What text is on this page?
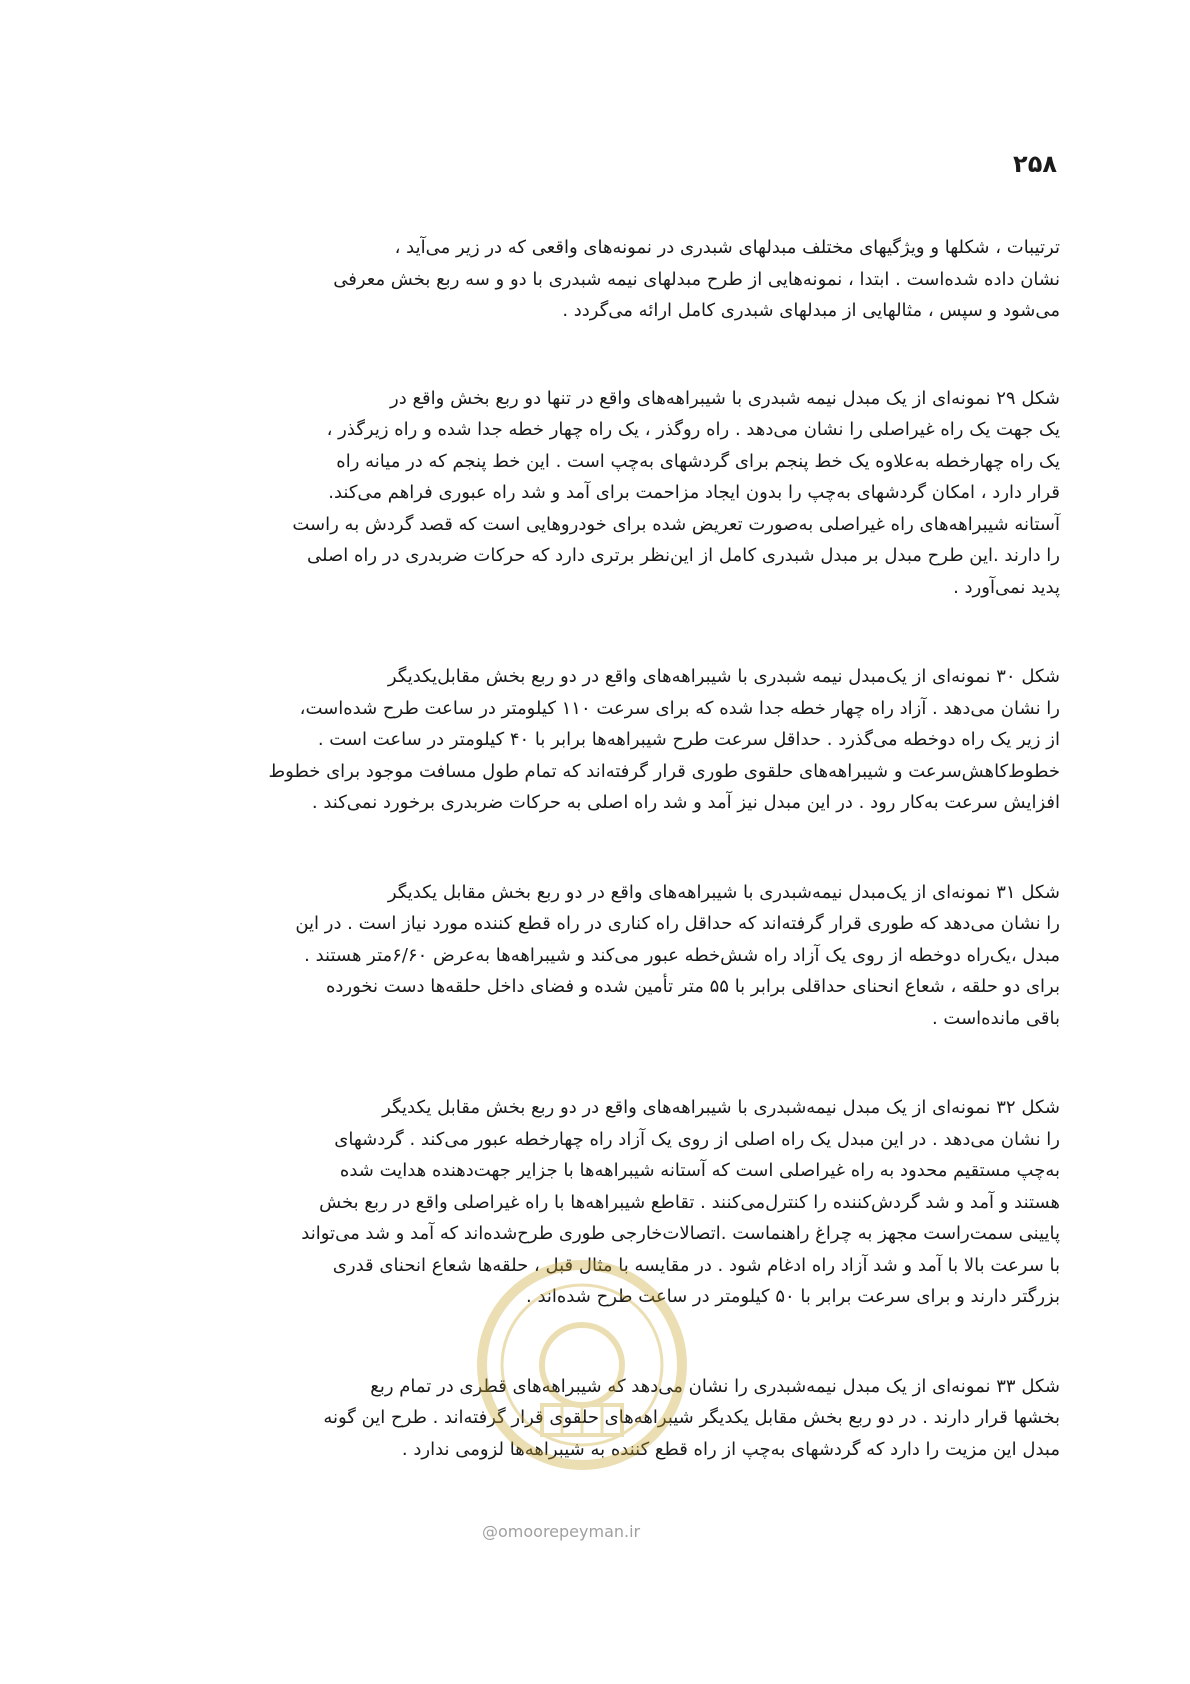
۲۵۸

ترتیبات ، شکلها و ویژگیهای مختلف مبدلهای شبدری در نمونه‌های واقعی که در زیر می‌آید ،
نشان داده شده‌است . ابتدا ، نمونه‌هایی از طرح مبدلهای نیمه شبدری با دو و سه ربع بخش معرفی
می‌شود و سپس ، مثالهایی از مبدلهای شبدری کامل ارائه می‌گردد .

شکل ۲۹ نمونه‌ای از یک مبدل نیمه شبدری با شیبراهه‌های واقع در تنها دو ربع بخش واقع در
یک جهت یک راه غیراصلی را نشان می‌دهد . راه روگذر ، یک راه چهار خطه جدا شده و راه زیرگذر ،
یک راه چهارخطه به‌علاوه یک خط پنجم برای گردشهای به‌چپ است . این خط پنجم که در میانه راه
قرار دارد ، امکان گردشهای به‌چپ را بدون ایجاد مزاحمت برای آمد و شد راه عبوری فراهم می‌کند.
آستانه شیبراهه‌های راه غیراصلی به‌صورت تعریض شده برای خودروهایی است که قصد گردش به راست
را دارند .این طرح مبدل بر مبدل شبدری کامل از این‌نظر برتری دارد که حرکات ضربدری در راه اصلی
پدید نمی‌آورد .

شکل ۳۰ نمونه‌ای از یک‌مبدل نیمه شبدری با شیبراهه‌های واقع در دو ربع بخش مقابل‌یکدیگر
را نشان می‌دهد . آزاد راه چهار خطه جدا شده که برای سرعت ۱۱۰ کیلومتر در ساعت طرح شده‌است،
از زیر یک راه دوخطه می‌گذرد . حداقل سرعت طرح شیبراهه‌ها برابر با ۴۰ کیلومتر در ساعت است .
خطوط‌کاهش‌سرعت و شیبراهه‌های حلقوی طوری قرار گرفته‌اند که تمام طول مسافت موجود برای خطوط
افزایش سرعت به‌کار رود . در این مبدل نیز آمد و شد راه اصلی به حرکات ضربدری برخورد نمی‌کند .

شکل ۳۱ نمونه‌ای از یک‌مبدل نیمه‌شبدری با شیبراهه‌های واقع در دو ربع بخش مقابل یکدیگر
را نشان می‌دهد که طوری قرار گرفته‌اند که حداقل راه کناری در راه قطع کننده مورد نیاز است . در این
مبدل ،یک‌راه دوخطه از روی یک آزاد راه شش‌خطه عبور می‌کند و شیبراهه‌ها به‌عرض ۶/۶۰متر هستند .
برای دو حلقه ، شعاع انحنای حداقلی برابر با ۵۵ متر تأمین شده و فضای داخل حلقه‌ها دست نخورده
باقی مانده‌است .

شکل ۳۲ نمونه‌ای از یک مبدل نیمه‌شبدری با شیبراهه‌های واقع در دو ربع بخش مقابل یکدیگر
را نشان می‌دهد . در این مبدل یک راه اصلی از روی یک آزاد راه چهارخطه عبور می‌کند . گردشهای
به‌چپ مستقیم محدود به راه غیراصلی است که آستانه شیبراهه‌ها با جزایر جهت‌دهنده هدایت شده
هستند و آمد و شد گردش‌کننده را کنترل‌می‌کنند . تقاطع شیبراهه‌ها با راه غیراصلی واقع در ربع بخش
پایینی سمت‌راست مجهز به چراغ راهنماست .اتصالات‌خارجی طوری طرح‌شده‌اند که آمد و شد می‌تواند
با سرعت بالا با آمد و شد آزاد راه ادغام شود . در مقایسه با مثال قبل ، حلقه‌ها شعاع انحنای قدری
بزرگتر دارند و برای سرعت برابر با ۵۰ کیلومتر در ساعت طرح شده‌اند .

شکل ۳۳ نمونه‌ای از یک مبدل نیمه‌شبدری را نشان می‌دهد که شیبراهه‌های قطری در تمام ربع
بخشها قرار دارند . در دو ربع بخش مقابل یکدیگر شیبراهه‌های حلقوی قرار گرفته‌اند . طرح این گونه
مبدل این مزیت را دارد که گردشهای به‌چپ از راه قطع کننده به شیبراهه‌ها لزومی ندارد .

@omoorepeyman.ir
